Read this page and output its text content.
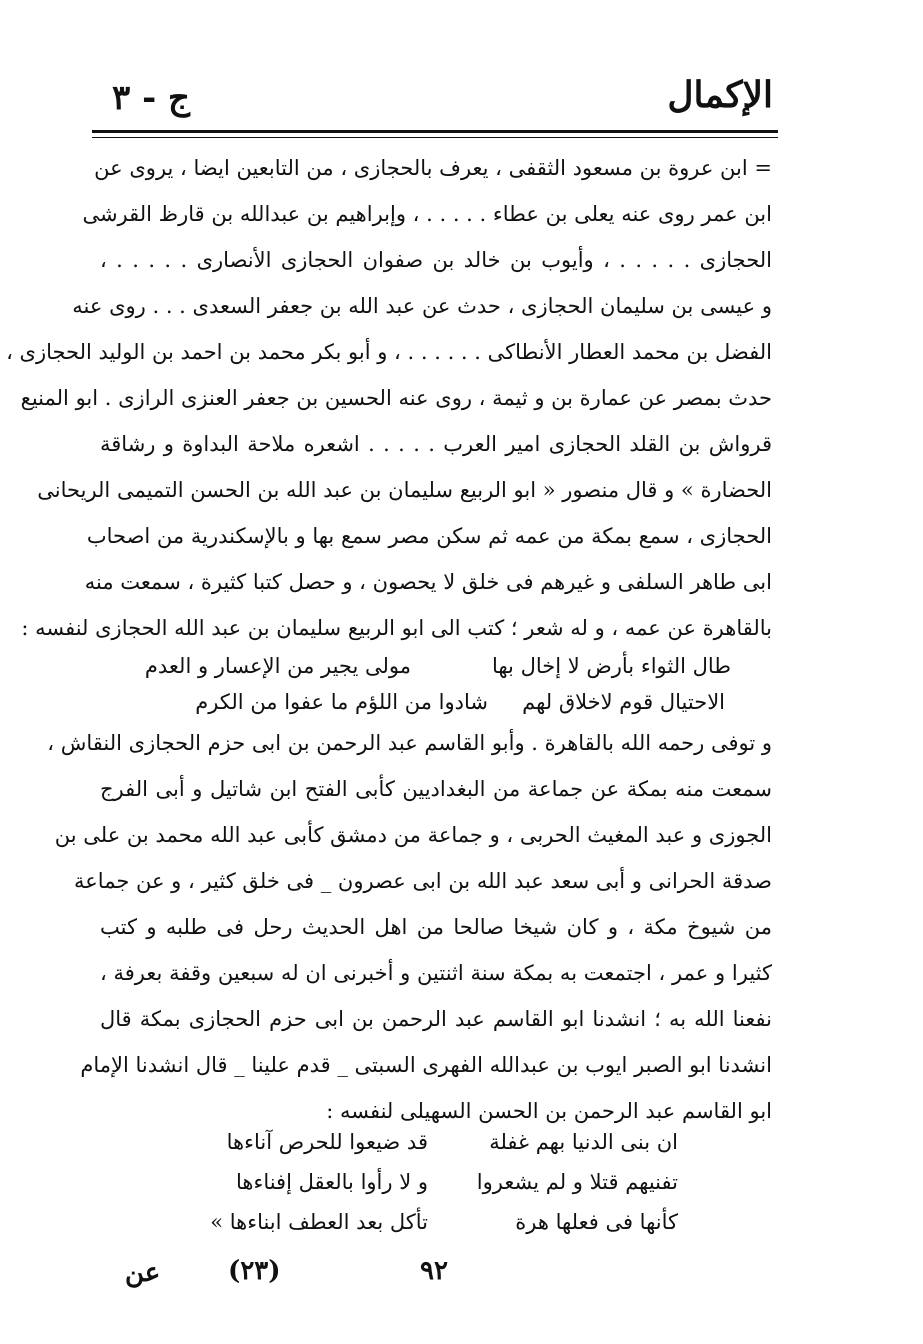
الإكمال
ج - ٣
= ابن عروة بن مسعود الثقفى ، يعرف بالحجازى ، من التابعين ايضا ، يروى عن
ابن عمر روى عنه يعلى بن عطاء . . . . . ، وإبراهيم بن عبدالله بن قارظ القرشى
الحجازى . . . . . ، وأيوب بن خالد بن صفوان الحجازى الأنصارى . . . . . ،
و عيسى بن سليمان الحجازى ، حدث عن عبد الله بن جعفر السعدى . . . روى عنه
الفضل بن محمد العطار الأنطاكى . . . . . . ، و أبو بكر محمد بن احمد بن الوليد الحجازى ،
حدث بمصر عن عمارة بن و ثيمة ، روى عنه الحسين بن جعفر العنزى الرازى . ابو المنيع
قرواش بن القلد الحجازى امير العرب . . . . . اشعره ملاحة البداوة و رشاقة
الحضارة » و قال منصور « ابو الربيع سليمان بن عبد الله بن الحسن التميمى الريحانى
الحجازى ، سمع بمكة من عمه ثم سكن مصر سمع بها و بالإسكندرية من اصحاب
ابى طاهر السلفى و غيرهم فى خلق لا يحصون ، و حصل كتبا كثيرة ، سمعت منه
بالقاهرة عن عمه ، و له شعر ؛ كتب الى ابو الربيع سليمان بن عبد الله الحجازى لنفسه :
طال الثواء بأرض لا إخال بها
مولى يجير من الإعسار و العدم
الاحتيال قوم لاخلاق لهم
شادوا من اللؤم ما عفوا من الكرم
و توفى رحمه الله بالقاهرة . وأبو القاسم عبد الرحمن بن ابى حزم الحجازى النقاش ،
سمعت منه بمكة عن جماعة من البغداديين كأبى الفتح ابن شاتيل و أبى الفرج
الجوزى و عبد المغيث الحربى ، و جماعة من دمشق كأبى عبد الله محمد بن على بن
صدقة الحرانى و أبى سعد عبد الله بن ابى عصرون _ فى خلق كثير ، و عن جماعة
من شيوخ مكة ، و كان شيخا صالحا من اهل الحديث رحل فى طلبه و كتب
كثيرا و عمر ، اجتمعت به بمكة سنة اثنتين و أخبرنى ان له سبعين وقفة بعرفة ،
نفعنا الله به ؛ انشدنا ابو القاسم عبد الرحمن بن ابى حزم الحجازى بمكة قال
انشدنا ابو الصبر ايوب بن عبدالله الفهرى السبتى _ قدم علينا _ قال انشدنا الإمام
ابو القاسم عبد الرحمن بن الحسن السهيلى لنفسه :
ان بنى الدنيا بهم غفلة
قد ضيعوا للحرص آناءها
تفنيهم قتلا و لم يشعروا
و لا رأوا بالعقل إفناءها
كأنها فى فعلها هرة
تأكل بعد العطف ابناءها »
عن	(٢٣)	٩٢
